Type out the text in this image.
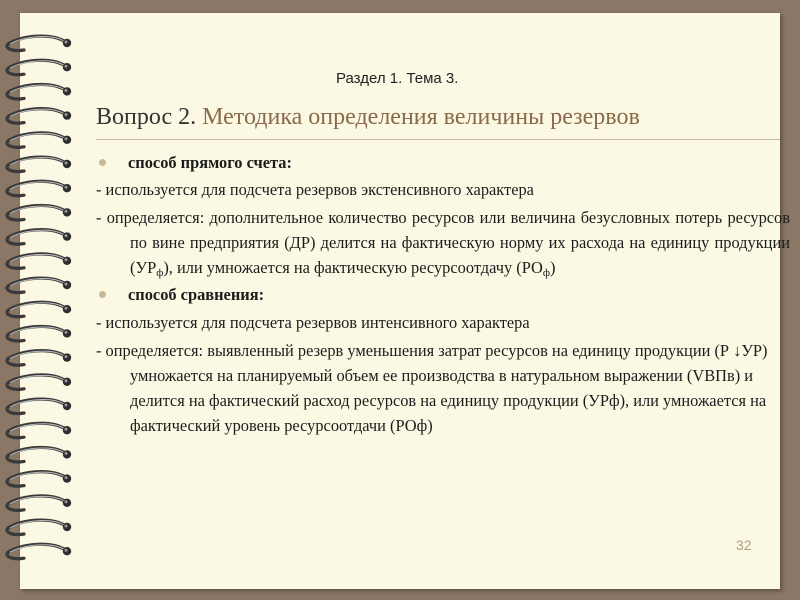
Раздел 1. Тема 3.
Вопрос 2. Методика определения величины резервов
способ прямого счета:
- используется для подсчета резервов экстенсивного характера
- определяется: дополнительное количество ресурсов или величина безусловных потерь ресурсов по вине предприятия (ДР) делится на фактическую норму их расхода на единицу продукции $(УР_ф)$, или умножается на фактическую ресурсоотдачу $(РО_ф)$
способ сравнения:
- используется для подсчета резервов интенсивного характера
- определяется: выявленный резерв уменьшения затрат ресурсов на единицу продукции (Р ↓УР) умножается на планируемый объем ее производства в натуральном выражении (VВПв) и делится на фактический расход ресурсов на единицу продукции (УРф), или умножается на фактический уровень ресурсоотдачи (РОф)
32
